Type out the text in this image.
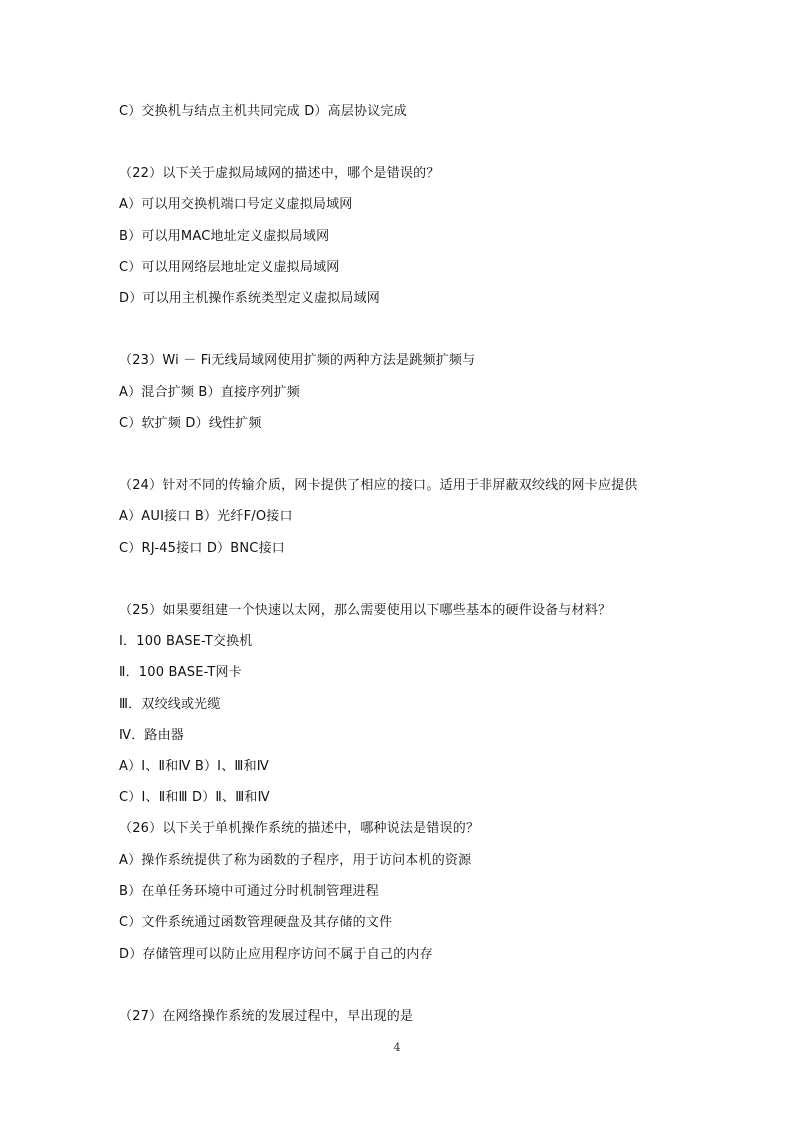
C）交换机与结点主机共同完成 D）高层协议完成
（22）以下关于虚拟局域网的描述中，哪个是错误的？
A）可以用交换机端口号定义虚拟局域网
B）可以用MAC地址定义虚拟局域网
C）可以用网络层地址定义虚拟局域网
D）可以用主机操作系统类型定义虚拟局域网
（23）Wi － Fi无线局域网使用扩频的两种方法是跳频扩频与
A）混合扩频 B）直接序列扩频
C）软扩频 D）线性扩频
（24）针对不同的传输介质，网卡提供了相应的接口。适用于非屏蔽双绞线的网卡应提供
A）AUI接口 B）光纤F/O接口
C）RJ-45接口 D）BNC接口
（25）如果要组建一个快速以太网，那么需要使用以下哪些基本的硬件设备与材料？
Ⅰ．100 BASE-T交换机
Ⅱ．100 BASE-T网卡
Ⅲ．双绞线或光缆
Ⅳ．路由器
A）Ⅰ、Ⅱ和Ⅳ B）Ⅰ、Ⅲ和Ⅳ
C）Ⅰ、Ⅱ和Ⅲ D）Ⅱ、Ⅲ和Ⅳ
（26）以下关于单机操作系统的描述中，哪种说法是错误的？
A）操作系统提供了称为函数的子程序，用于访问本机的资源
B）在单任务环境中可通过分时机制管理进程
C）文件系统通过函数管理硬盘及其存储的文件
D）存储管理可以防止应用程序访问不属于自己的内存
（27）在网络操作系统的发展过程中，早出现的是
4
